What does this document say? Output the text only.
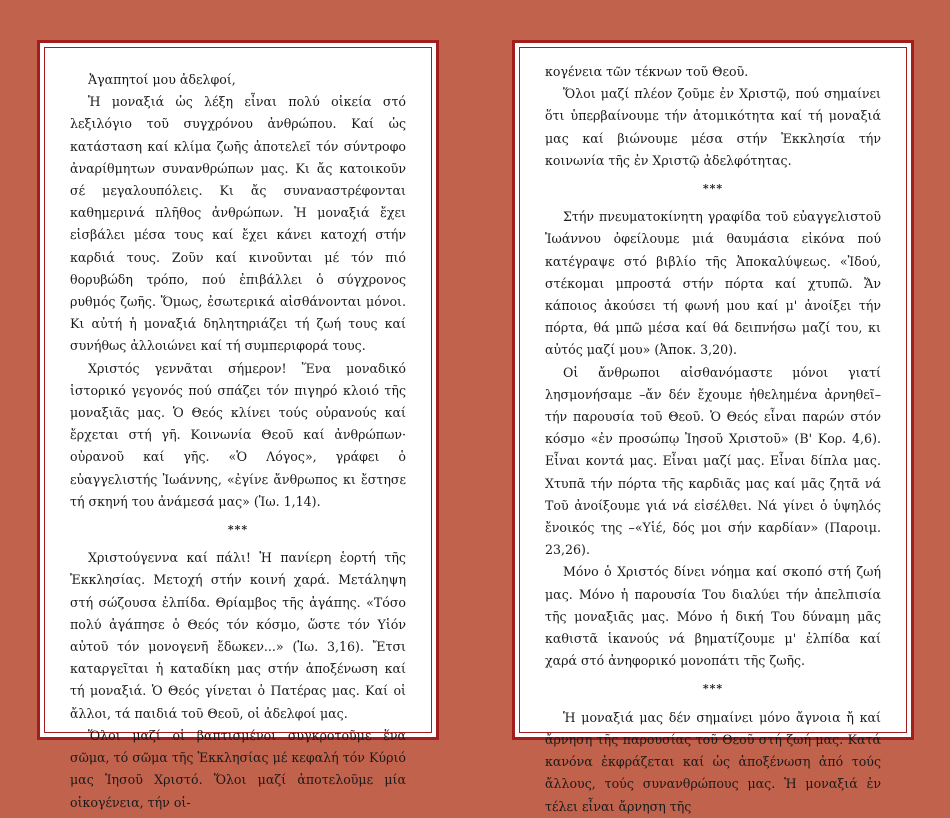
Ἀγαπητοί μου ἀδελφοί,

Ἡ μοναξιά ὡς λέξη εἶναι πολύ οἰκεία στό λεξιλόγιο τοῦ συγχρόνου ἀνθρώπου. Καί ὡς κατάσταση καί κλίμα ζωῆς ἀποτελεῖ τόν σύντροφο ἀναρίθμητων συνανθρώπων μας. Κι ἄς κατοικοῦν σέ μεγαλουπόλεις. Κι ἄς συναναστρέφονται καθημερινά πλῆθος ἀνθρώπων. Ἡ μοναξιά ἔχει εἰσβάλει μέσα τους καί ἔχει κάνει κατοχή στήν καρδιά τους. Ζοῦν καί κινοῦνται μέ τόν πιό θορυβώδη τρόπο, πού ἐπιβάλλει ὁ σύγχρονος ρυθμός ζωῆς. Ὅμως, ἐσωτερικά αἰσθάνονται μόνοι. Κι αὐτή ἡ μοναξιά δηλητηριάζει τή ζωή τους καί συνήθως ἀλλοιώνει καί τή συμπεριφορά τους.

Χριστός γεννᾶται σήμερον! Ἕνα μοναδικό ἱστορικό γεγονός πού σπάζει τόν πιγηρό κλοιό τῆς μοναξιᾶς μας. Ὁ Θεός κλίνει τούς οὐρανούς καί ἔρχεται στή γῆ. Κοινωνία Θεοῦ καί ἀνθρώπων· οὐρανοῦ καί γῆς. «Ὁ Λόγος», γράφει ὁ εὐαγγελιστής Ἰωάννης, «ἐγίνε ἄνθρωπος κι ἔστησε τή σκηνή του ἀνάμεσά μας» (Ἰω. 1,14).

***

Χριστούγεννα καί πάλι! Ἡ πανίερη ἑορτή τῆς Ἐκκλησίας. Μετοχή στήν κοινή χαρά. Μετάληψη στή σώζουσα ἐλπίδα. Θρίαμβος τῆς ἀγάπης. «Τόσο πολύ ἀγάπησε ὁ Θεός τόν κόσμο, ὥστε τόν Υἱόν αὐτοῦ τόν μονογενῆ ἔδωκεν...» (Ἰω. 3,16). Ἔτσι καταργεῖται ἡ καταδίκη μας στήν ἀποξένωση καί τή μοναξιά. Ὁ Θεός γίνεται ὁ Πατέρας μας. Καί οἱ ἄλλοι, τά παιδιά τοῦ Θεοῦ, οἱ ἀδελφοί μας.

Ὅλοι μαζί οἱ βαπτισμένοι συγκροτοῦμε ἕνα σῶμα, τό σῶμα τῆς Ἐκκλησίας μέ κεφαλή τόν Κύριό μας Ἰησοῦ Χριστό. Ὅλοι μαζί ἀποτελοῦμε μία οἰκογένεια, τήν οἰ-

κογένεια τῶν τέκνων τοῦ Θεοῦ.

Ὅλοι μαζί πλέον ζοῦμε ἐν Χριστῷ, πού σημαίνει ὅτι ὑπερβαίνουμε τήν ἀτομικότητα καί τή μοναξιά μας καί βιώνουμε μέσα στήν Ἐκκλησία τήν κοινωνία τῆς ἐν Χριστῷ ἀδελφότητας.

***

Στήν πνευματοκίνητη γραφίδα τοῦ εὐαγγελιστοῦ Ἰωάννου ὀφείλουμε μιά θαυμάσια εἰκόνα πού κατέγραψε στό βιβλίο τῆς Ἀποκαλύψεως. «Ἰδού, στέκομαι μπροστά στήν πόρτα καί χτυπῶ. Ἄν κάποιος ἀκούσει τή φωνή μου καί μ' ἀνοίξει τήν πόρτα, θά μπῶ μέσα καί θά δειπνήσω μαζί του, κι αὐτός μαζί μου» (Ἀποκ. 3,20).

Οἱ ἄνθρωποι αἰσθανόμαστε μόνοι γιατί λησμονήσαμε –ἄν δέν ἔχουμε ἠθελημένα ἀρνηθεῖ– τήν παρουσία τοῦ Θεοῦ. Ὁ Θεός εἶναι παρών στόν κόσμο «ἐν προσώπῳ Ἰησοῦ Χριστοῦ» (Β' Κορ. 4,6). Εἶναι κοντά μας. Εἶναι μαζί μας. Εἶναι δίπλα μας. Χτυπᾶ τήν πόρτα τῆς καρδιᾶς μας καί μᾶς ζητᾶ νά Τοῦ ἀνοίξουμε γιά νά εἰσέλθει. Νά γίνει ὁ ὑψηλός ἔνοικός της –«Υἱέ, δός μοι σήν καρδίαν» (Παροιμ. 23,26).

Μόνο ὁ Χριστός δίνει νόημα καί σκοπό στή ζωή μας. Μόνο ἡ παρουσία Του διαλύει τήν ἀπελπισία τῆς μοναξιᾶς μας. Μόνο ἡ δική Του δύναμη μᾶς καθιστᾶ ἱκανούς νά βηματίζουμε μ' ἐλπίδα καί χαρά στό ἀνηφορικό μονοπάτι τῆς ζωῆς.

***

Ἡ μοναξιά μας δέν σημαίνει μόνο ἄγνοια ἤ καί ἄρνηση τῆς παρουσίας τοῦ Θεοῦ στή ζωή μας. Κατά κανόνα ἐκφράζεται καί ὡς ἀποξένωση ἀπό τούς ἄλλους, τούς συνανθρώπους μας. Ἡ μοναξιά ἐν τέλει εἶναι ἄρνηση τῆς
